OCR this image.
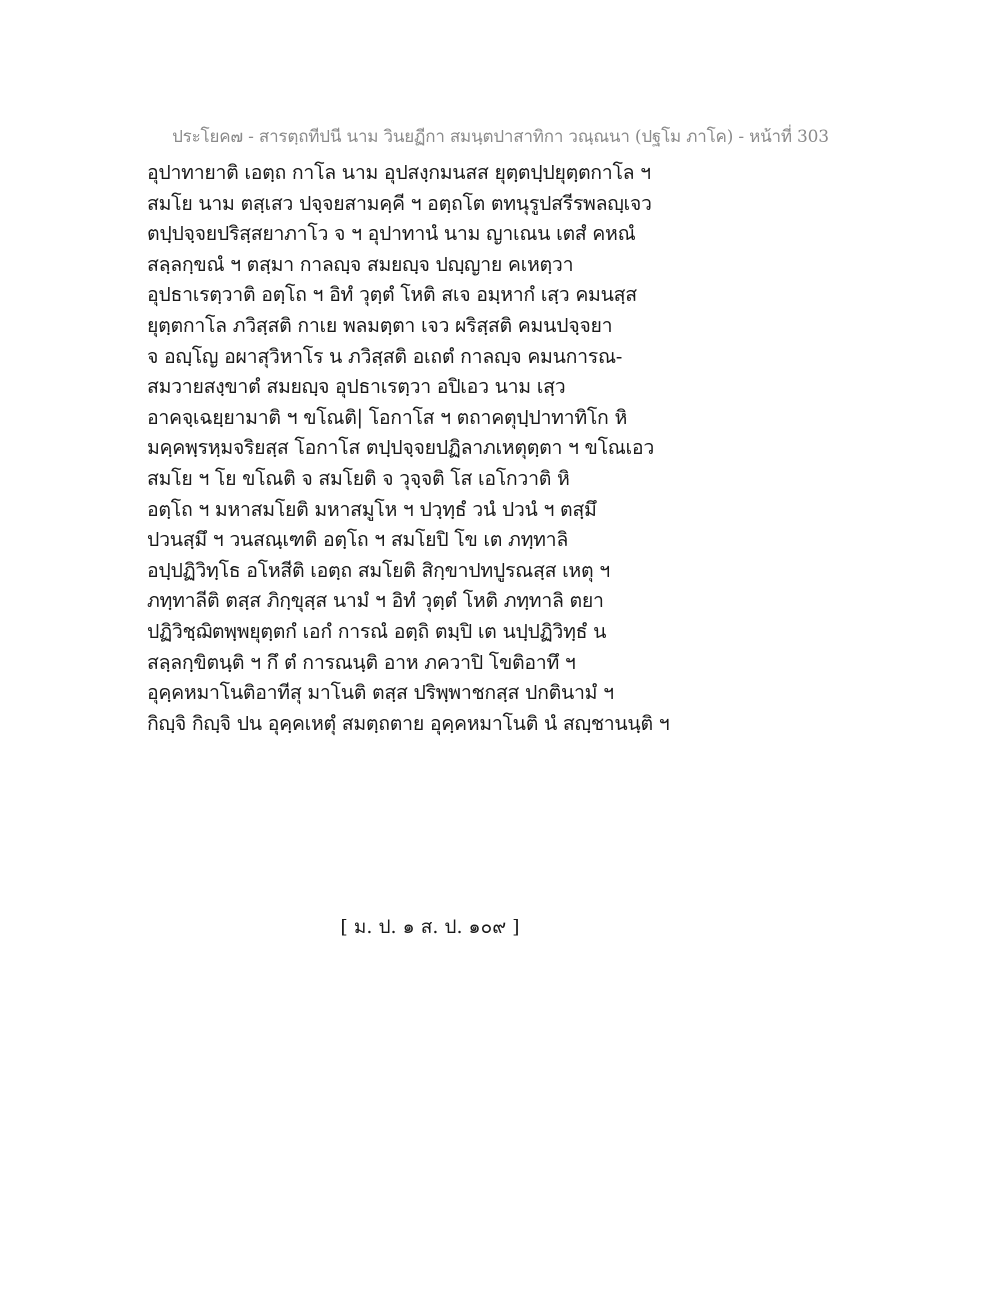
ประโยค๗ - สารตฺถทีปนี นาม วินยฏีกา สมนฺตปาสาทิกา วณฺณนา (ปฐโม ภาโค) - หน้าที่ 303
อุปาทายาติ เอตฺถ กาโล นาม อุปสงฺกมนสส ยุตฺตปฺปยุตฺตกาโล ฯ
สมโย นาม ตสฺเสว ปจฺจยสามคฺคี ฯ อตฺถโต ตทนุรูปสรีรพลญฺเจว
ตปฺปจฺจยปริสฺสยาภาโว จ ฯ อุปาทานํ นาม ญาเณน เตสํ คหณํ
สลฺลกฺขณํ ฯ ตสฺมา กาลญฺจ สมยญฺจ ปญฺญาย คเหตฺวา
อุปธาเรตฺวาติ อตฺโถ ฯ อิทํ วุตฺตํ โหติ สเจ อมฺหากํ เสฺว คมนสฺส
ยุตฺตกาโล ภวิสฺสติ กาเย พลมตฺตา เจว ผริสฺสติ คมนปจฺจยา
จ อญฺโญ อผาสุวิหาโร น ภวิสฺสติ อเถตํ กาลญฺจ คมนการณ-
สมวายสงฺขาตํ สมยญฺจ อุปธาเรตฺวา อปิเอว นาม เสฺว
อาคจฺเฉยฺยามาติ ฯ ขโณติ| โอกาโส ฯ ตถาคตุปฺปาทาทิโก หิ
มคฺคพฺรหฺมจริยสฺส โอกาโส ตปฺปจฺจยปฏิลาภเหตุตฺตา ฯ ขโณเอว
สมโย ฯ โย ขโณติ จ สมโยติ จ วุจฺจติ โส เอโกวาติ หิ
อตฺโถ ฯ มหาสมโยติ มหาสมูโห ฯ ปวฺทฺธํ วนํ ปวนํ ฯ ตสฺมึ
ปวนสฺมึ ฯ วนสณฺเฑติ อตฺโถ ฯ สมโยปิ โข เต ภทฺทาลิ
อปฺปฏิวิทฺโธ อโหสีติ เอตฺถ สมโยติ สิกฺขาปทปูรณสฺส เหตุ ฯ
ภทฺทาลีติ ตสฺส ภิกฺขุสฺส นามํ ฯ อิทํ วุตฺตํ โหติ ภทฺทาลิ ตยา
ปฏิวิชฺฌิตพฺพยุตฺตกํ เอกํ การณํ อตฺถิ ตมฺปิ เต นปฺปฏิวิทฺธํ น
สลฺลกฺขิตนฺติ ฯ กึ ตํ การณนฺติ อาห ภควาปิ โขติอาทึ ฯ
อุคฺคหมาโนติอาทีสุ มาโนติ ตสฺส ปริพฺพาชกสฺส ปกตินามํ ฯ
กิญฺจิ กิญฺจิ ปน อุคฺคเหตุํ สมตฺถตาย อุคฺคหมาโนติ นํ สญฺชานนฺติ ฯ
[ ม. ป. ๑ ส. ป. ๑๐๙ ]
